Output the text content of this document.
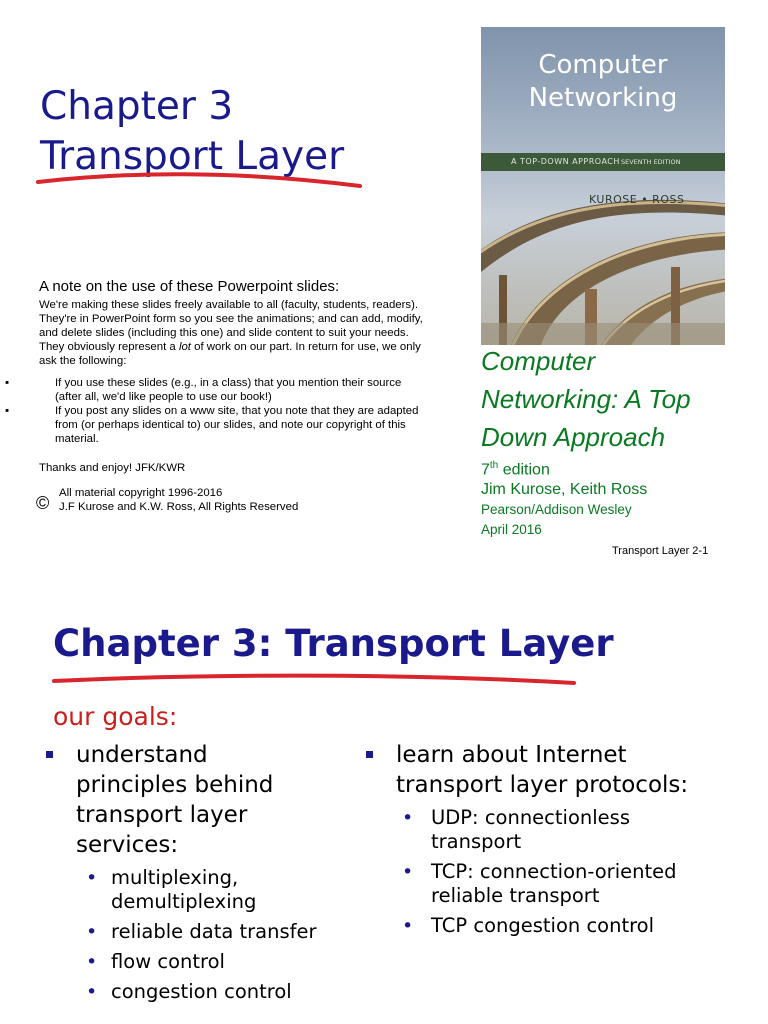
Chapter 3
Transport Layer
A note on the use of these Powerpoint slides:
We're making these slides freely available to all (faculty, students, readers).
They're in PowerPoint form so you see the animations; and can add, modify,
and delete slides (including this one) and slide content to suit your needs.
They obviously represent a lot of work on our part. In return for use, we only
ask the following:
▪	If you use these slides (e.g., in a class) that you mention their source
(after all, we'd like people to use our book!)
▪	If you post any slides on a www site, that you note that they are adapted
from (or perhaps identical to) our slides, and note our copyright of this
material.
Thanks and enjoy! JFK/KWR
All material copyright 1996-2016
© J.F Kurose and K.W. Ross, All Rights Reserved
Computer
Networking
A TOP-DOWN APPROACH SEVENTH EDITION
KUROSE • ROSS
Computer
Networking: A Top
Down Approach
7th edition
Jim Kurose, Keith Ross
Pearson/Addison Wesley
April 2016
Transport Layer 2-1
Chapter 3: Transport Layer
our goals:
understand
principles behind
transport layer
services:
• multiplexing,
demultiplexing
• reliable data transfer
• flow control
• congestion control
learn about Internet
transport layer protocols:
• UDP: connectionless
transport
• TCP: connection-oriented
reliable transport
• TCP congestion control
